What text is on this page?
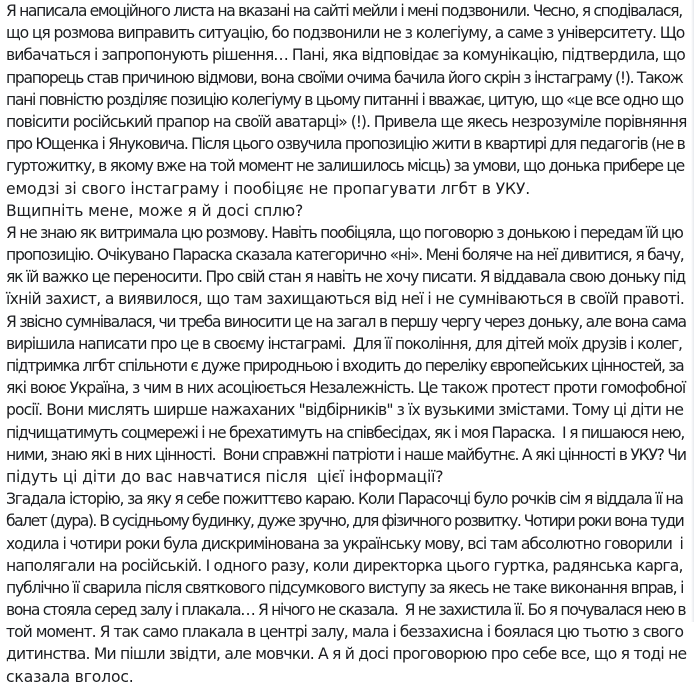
Я написала емоційного листа на вказані на сайті мейли і мені подзвонили. Чесно, я сподівалася,
що ця розмова виправить ситуацію, бо подзвонили не з колегіуму, а саме з університету. Що
вибачаться і запропонують рішення… Пані, яка відповідає за комунікацію, підтвердила, що
прапорець став причиною відмови, вона своїми очима бачила його скрін з інстаграму (!). Також
пані повністю розділяє позицію колегіуму в цьому питанні і вважає, цитую, що «це все одно що
повісити російський прапор на своїй аватарці» (!). Привела ще якесь незрозуміле порівняння
про Ющенка і Януковича. Після цього озвучила пропозицію жити в квартирі для педагогів (не в
гуртожитку, в якому вже на той момент не залишилось місць) за умови, що донька прибере це
емодзі зі свого інстаграму і пообіцяє не пропагувати лгбт в УКУ.
Вщипніть мене, може я й досі сплю?
Я не знаю як витримала цю розмову. Навіть пообіцяла, що поговорю з донькою і передам їй цю
пропозицію. Очікувано Параска сказала категорично «ні». Мені боляче на неї дивитися, я бачу,
як їй важко це переносити. Про свій стан я навіть не хочу писати. Я віддавала свою доньку під
їхній захист, а виявилося, що там захищаються від неї і не сумніваються в своїй правоті.
Я звісно сумнівалася, чи треба виносити це на загал в першу чергу через доньку, але вона сама
вирішила написати про це в своєму інстаграмі.  Для її покоління, для дітей моїх друзів і колег,
підтримка лгбт спільноти є дуже природньою і входить до переліку європейських цінностей, за
які воює Україна, з чим в них асоціюється Незалежність. Це також протест проти гомофобної
росії. Вони мислять ширше нажаханих "відбірників" з їх вузькими змістами. Тому ці діти не
підчищатимуть соцмережі і не брехатимуть на співбесідах, як і моя Параска.  І я пишаюся нею,
ними, знаю які в них цінності.  Вони справжні патріоти і наше майбутнє. А які цінності в УКУ? Чи
підуть ці діти до вас навчатися після  цієї інформації?
Згадала історію, за яку я себе пожиттєво караю. Коли Парасочці було рочків сім я віддала її на
балет (дура). В сусідньому будинку, дуже зручно, для фізичного розвитку. Чотири роки вона туди
ходила і чотири роки була дискримінована за українську мову, всі там абсолютно говорили  і
наполягали на російській. І одного разу, коли директорка цього гуртка, радянська карга,
публічно її сварила після святкового підсумкового виступу за якесь не таке виконання вправ, і
вона стояла серед залу і плакала… Я нічого не сказала.  Я не захистила її. Бо я почувалася нею в
той момент. Я так само плакала в центрі залу, мала і беззахисна і боялася цю тьотю з свого
дитинства. Ми пішли звідти, але мовчки. А я й досі проговорюю про себе все, що я тоді не
сказала вголос.
